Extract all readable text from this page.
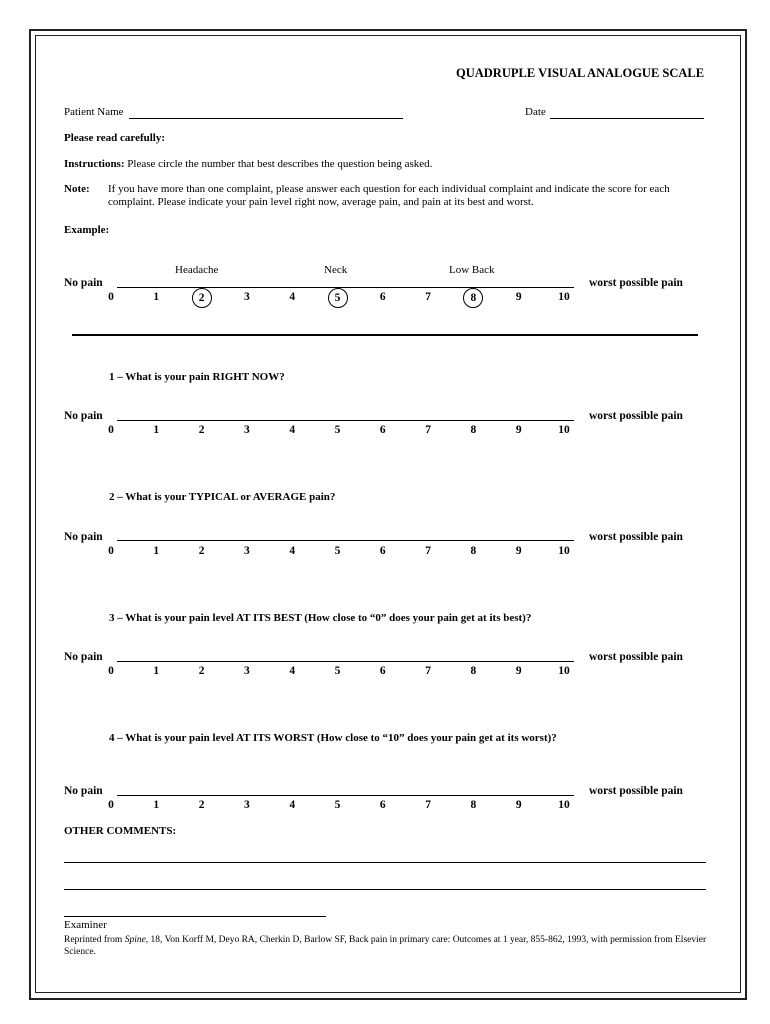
QUADRUPLE VISUAL ANALOGUE SCALE
Patient Name	Date
Please read carefully:
Instructions: Please circle the number that best describes the question being asked.
Note: If you have more than one complaint, please answer each question for each individual complaint and indicate the score for each complaint. Please indicate your pain level right now, average pain, and pain at its best and worst.
Example:
Headache	Neck	Low Back
No pain	worst possible pain
0	1	2	3	4	5	6	7	8	9	10
No pain	worst possible pain
0	1	2	3	4	5	6	7	8	9	10
No pain	worst possible pain
0	1	2	3	4	5	6	7	8	9	10
No pain	worst possible pain
0	1	2	3	4	5	6	7	8	9	10
No pain	worst possible pain
0	1	2	3	4	5	6	7	8	9	10
1 – What is your pain RIGHT NOW?
2 – What is your TYPICAL or AVERAGE pain?
3 – What is your pain level AT ITS BEST (How close to “0” does your pain get at its best)?
4 – What is your pain level AT ITS WORST (How close to “10” does your pain get at its worst)?
OTHER COMMENTS:
Examiner
Reprinted from Spine, 18, Von Korff M, Deyo RA, Cherkin D, Barlow SF, Back pain in primary care: Outcomes at 1 year, 855-862, 1993, with permission from Elsevier Science.
